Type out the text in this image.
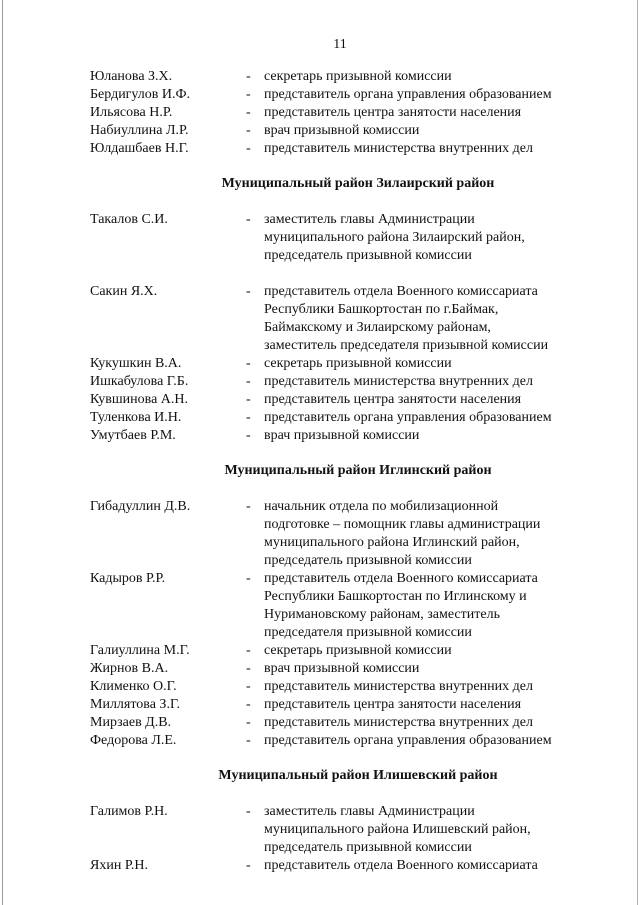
11
Юланова З.Х.	- секретарь призывной комиссии
Бердигулов И.Ф.	- представитель органа управления образованием
Ильясова Н.Р.	- представитель центра занятости населения
Набиуллина Л.Р.	- врач призывной комиссии
Юлдашбаев Н.Г.	- представитель министерства внутренних дел
Муниципальный район Зилаирский район
Такалов С.И.	- заместитель главы Администрации
муниципального района Зилаирский район,
председатель призывной комиссии
Сакин Я.Х.	- представитель отдела Военного комиссариата
Республики Башкортостан по г.Баймак,
Баймакскому и Зилаирскому районам,
заместитель председателя призывной комиссии
Кукушкин В.А.	- секретарь призывной комиссии
Ишкабулова Г.Б.	- представитель министерства внутренних дел
Кувшинова А.Н.	- представитель центра занятости населения
Туленкова И.Н.	- представитель органа управления образованием
Умутбаев Р.М.	- врач призывной комиссии
Муниципальный район Иглинский район
Гибадуллин Д.В.	- начальник отдела по мобилизационной
подготовке – помощник главы администрации
муниципального района Иглинский район,
председатель призывной комиссии
Кадыров Р.Р.	- представитель отдела Военного комиссариата
Республики Башкортостан по Иглинскому и
Нуримановскому районам, заместитель
председателя призывной комиссии
Галиуллина М.Г.	- секретарь призывной комиссии
Жирнов В.А.	- врач призывной комиссии
Клименко О.Г.	- представитель министерства внутренних дел
Миллятова З.Г.	- представитель центра занятости населения
Мирзаев Д.В.	- представитель министерства внутренних дел
Федорова Л.Е.	- представитель органа управления образованием
Муниципальный район Илишевский район
Галимов Р.Н.	- заместитель главы Администрации
муниципального района Илишевский район,
председатель призывной комиссии
Яхин Р.Н.	- представитель отдела Военного комиссариата
